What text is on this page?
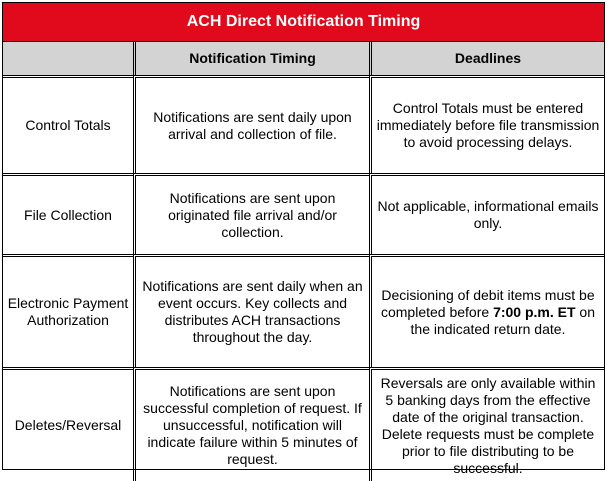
ACH Direct Notification Timing
	Notification Timing	Deadlines
Control Totals	Notifications are sent daily upon arrival and collection of file.	Control Totals must be entered immediately before file transmission to avoid processing delays.
File Collection	Notifications are sent upon originated file arrival and/or collection.	Not applicable, informational emails only.
Electronic Payment Authorization	Notifications are sent daily when an event occurs. Key collects and distributes ACH transactions throughout the day.	Decisioning of debit items must be completed before 7:00 p.m. ET on the indicated return date.
Deletes/Reversal	Notifications are sent upon successful completion of request. If unsuccessful, notification will indicate failure within 5 minutes of request.	Reversals are only available within 5 banking days from the effective date of the original transaction. Delete requests must be complete prior to file distributing to be successful.
